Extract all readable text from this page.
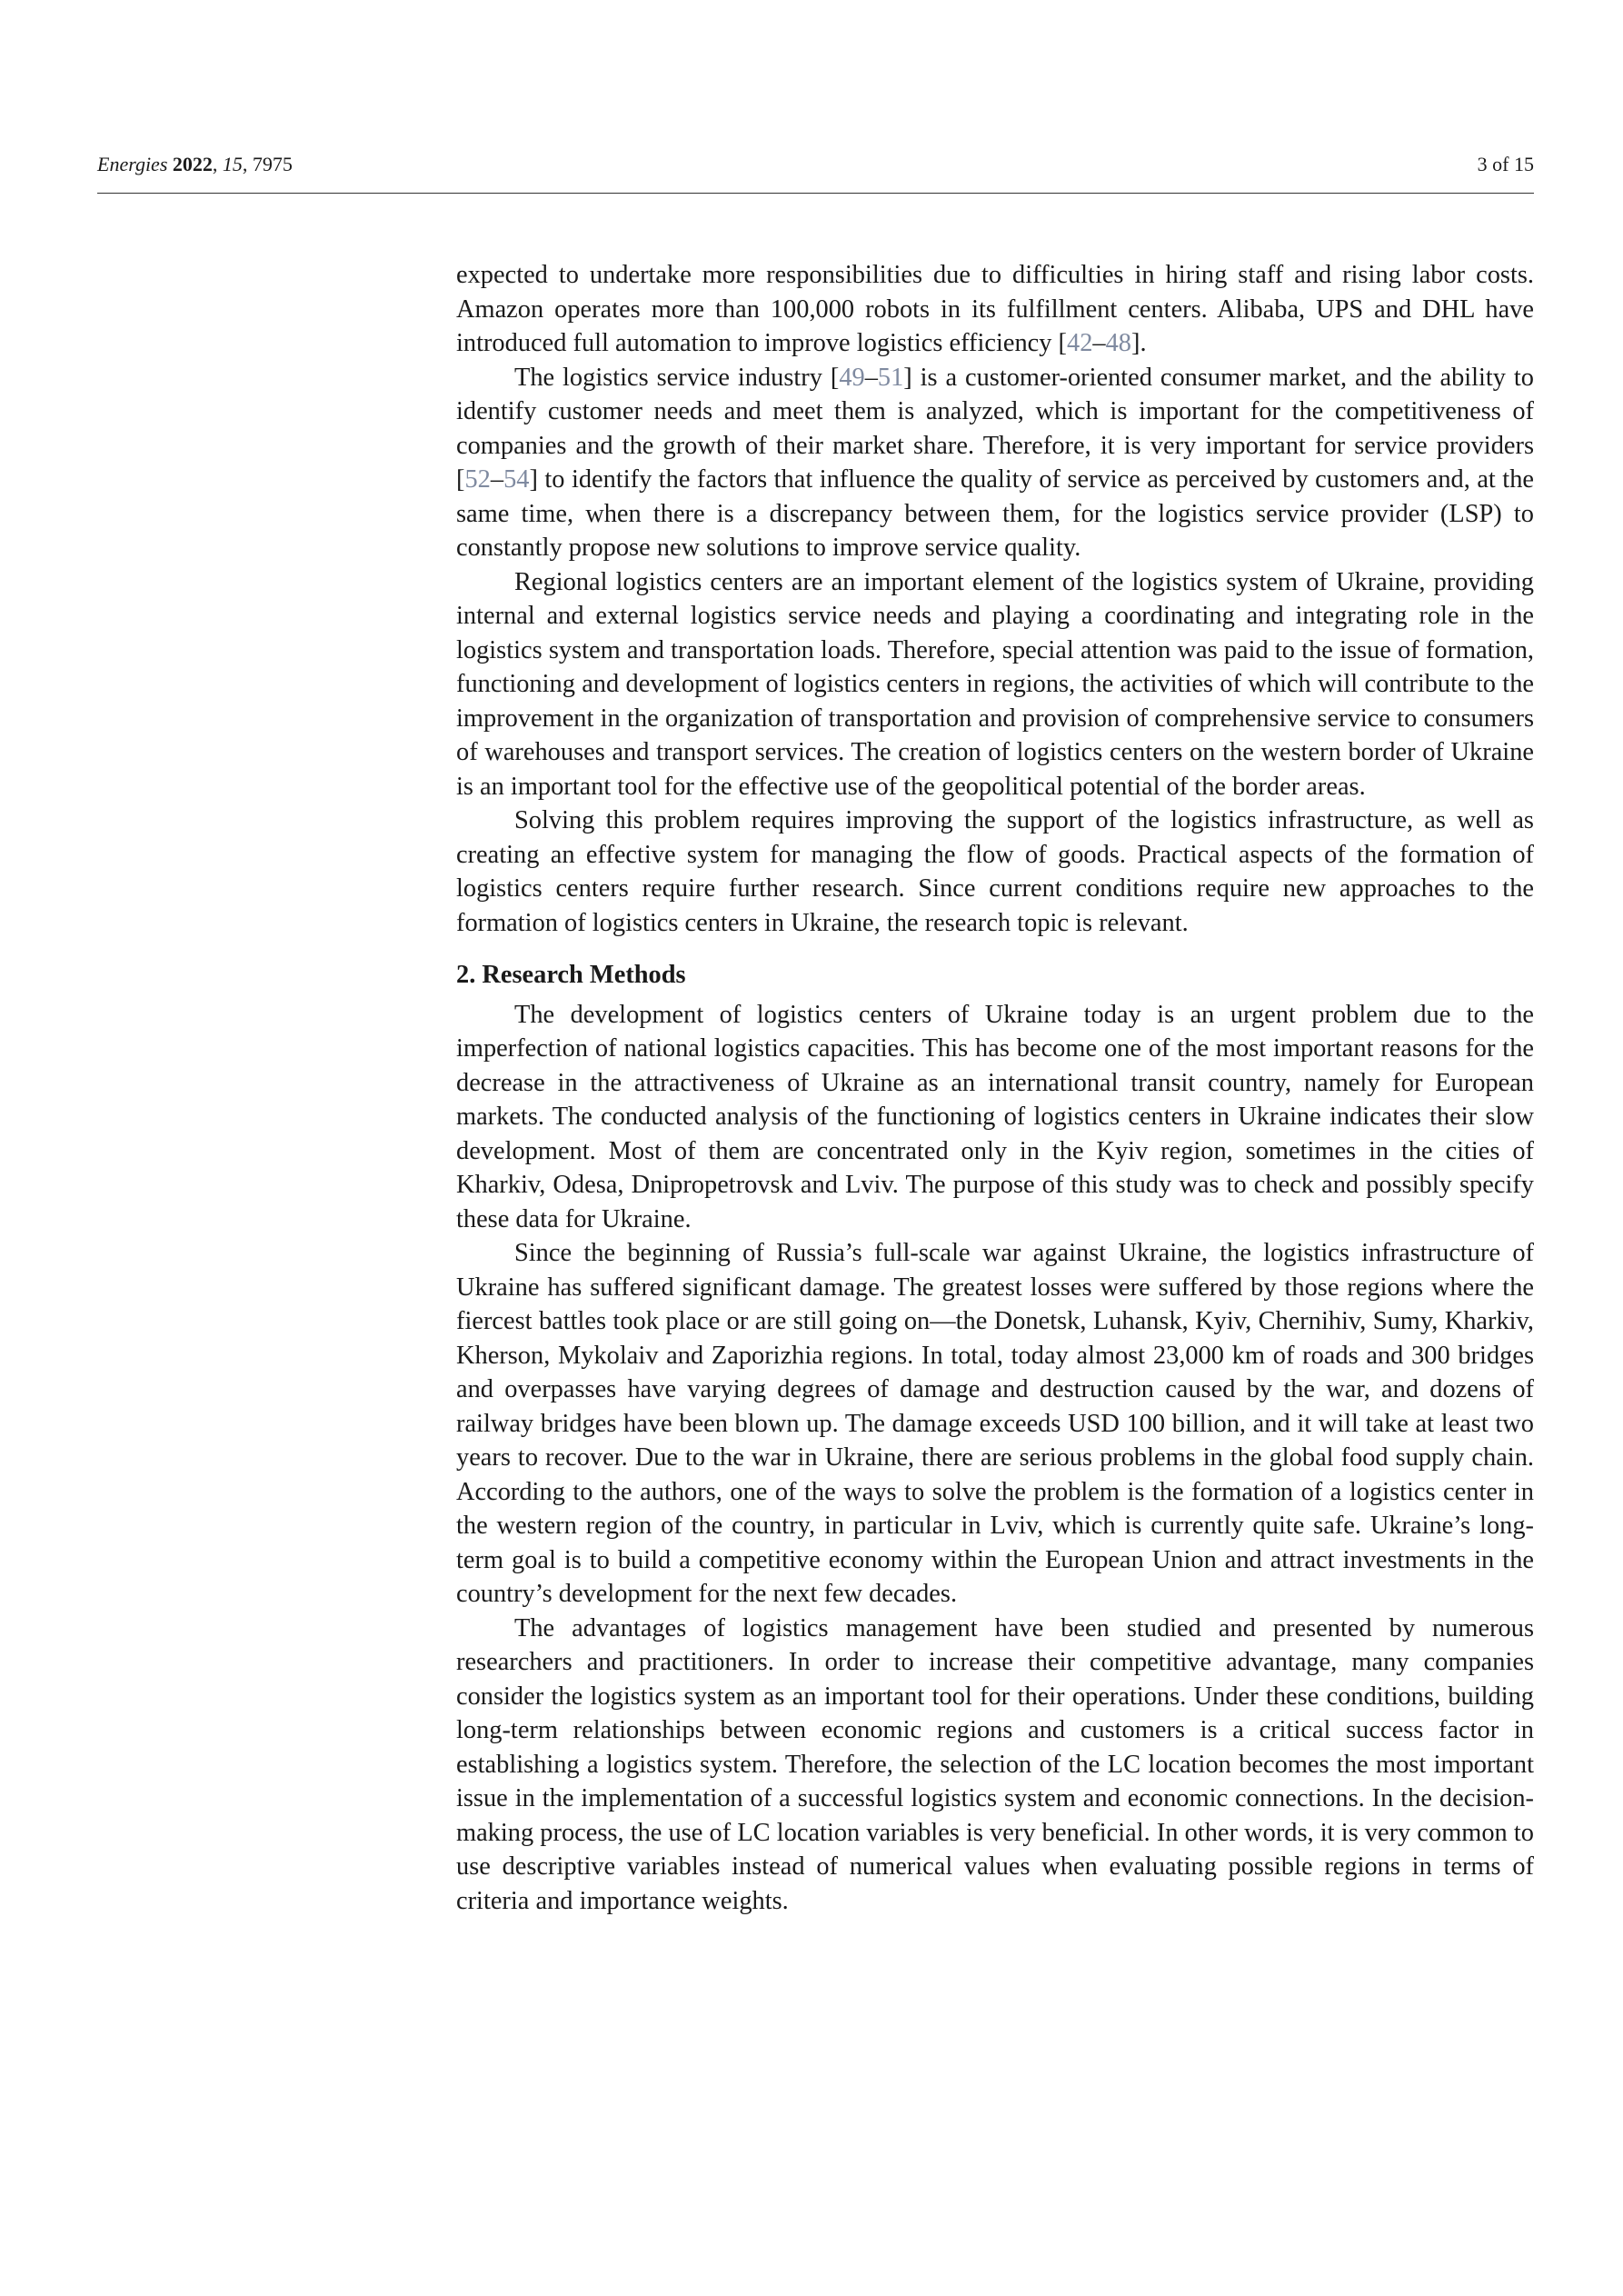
Energies 2022, 15, 7975	3 of 15

expected to undertake more responsibilities due to difficulties in hiring staff and rising labor costs. Amazon operates more than 100,000 robots in its fulfillment centers. Alibaba, UPS and DHL have introduced full automation to improve logistics efficiency [42–48].

The logistics service industry [49–51] is a customer-oriented consumer market, and the ability to identify customer needs and meet them is analyzed, which is important for the competitiveness of companies and the growth of their market share. Therefore, it is very important for service providers [52–54] to identify the factors that influence the quality of service as perceived by customers and, at the same time, when there is a discrepancy between them, for the logistics service provider (LSP) to constantly propose new solutions to improve service quality.

Regional logistics centers are an important element of the logistics system of Ukraine, providing internal and external logistics service needs and playing a coordinating and integrating role in the logistics system and transportation loads. Therefore, special attention was paid to the issue of formation, functioning and development of logistics centers in regions, the activities of which will contribute to the improvement in the organization of transportation and provision of comprehensive service to consumers of warehouses and transport services. The creation of logistics centers on the western border of Ukraine is an important tool for the effective use of the geopolitical potential of the border areas.

Solving this problem requires improving the support of the logistics infrastructure, as well as creating an effective system for managing the flow of goods. Practical aspects of the formation of logistics centers require further research. Since current conditions require new approaches to the formation of logistics centers in Ukraine, the research topic is relevant.

2. Research Methods

The development of logistics centers of Ukraine today is an urgent problem due to the imperfection of national logistics capacities. This has become one of the most important reasons for the decrease in the attractiveness of Ukraine as an international transit country, namely for European markets. The conducted analysis of the functioning of logistics centers in Ukraine indicates their slow development. Most of them are concentrated only in the Kyiv region, sometimes in the cities of Kharkiv, Odesa, Dnipropetrovsk and Lviv. The purpose of this study was to check and possibly specify these data for Ukraine.

Since the beginning of Russia’s full-scale war against Ukraine, the logistics infrastructure of Ukraine has suffered significant damage. The greatest losses were suffered by those regions where the fiercest battles took place or are still going on—the Donetsk, Luhansk, Kyiv, Chernihiv, Sumy, Kharkiv, Kherson, Mykolaiv and Zaporizhia regions. In total, today almost 23,000 km of roads and 300 bridges and overpasses have varying degrees of damage and destruction caused by the war, and dozens of railway bridges have been blown up. The damage exceeds USD 100 billion, and it will take at least two years to recover. Due to the war in Ukraine, there are serious problems in the global food supply chain. According to the authors, one of the ways to solve the problem is the formation of a logistics center in the western region of the country, in particular in Lviv, which is currently quite safe. Ukraine’s long-term goal is to build a competitive economy within the European Union and attract investments in the country’s development for the next few decades.

The advantages of logistics management have been studied and presented by numerous researchers and practitioners. In order to increase their competitive advantage, many companies consider the logistics system as an important tool for their operations. Under these conditions, building long-term relationships between economic regions and customers is a critical success factor in establishing a logistics system. Therefore, the selection of the LC location becomes the most important issue in the implementation of a successful logistics system and economic connections. In the decision-making process, the use of LC location variables is very beneficial. In other words, it is very common to use descriptive variables instead of numerical values when evaluating possible regions in terms of criteria and importance weights.
